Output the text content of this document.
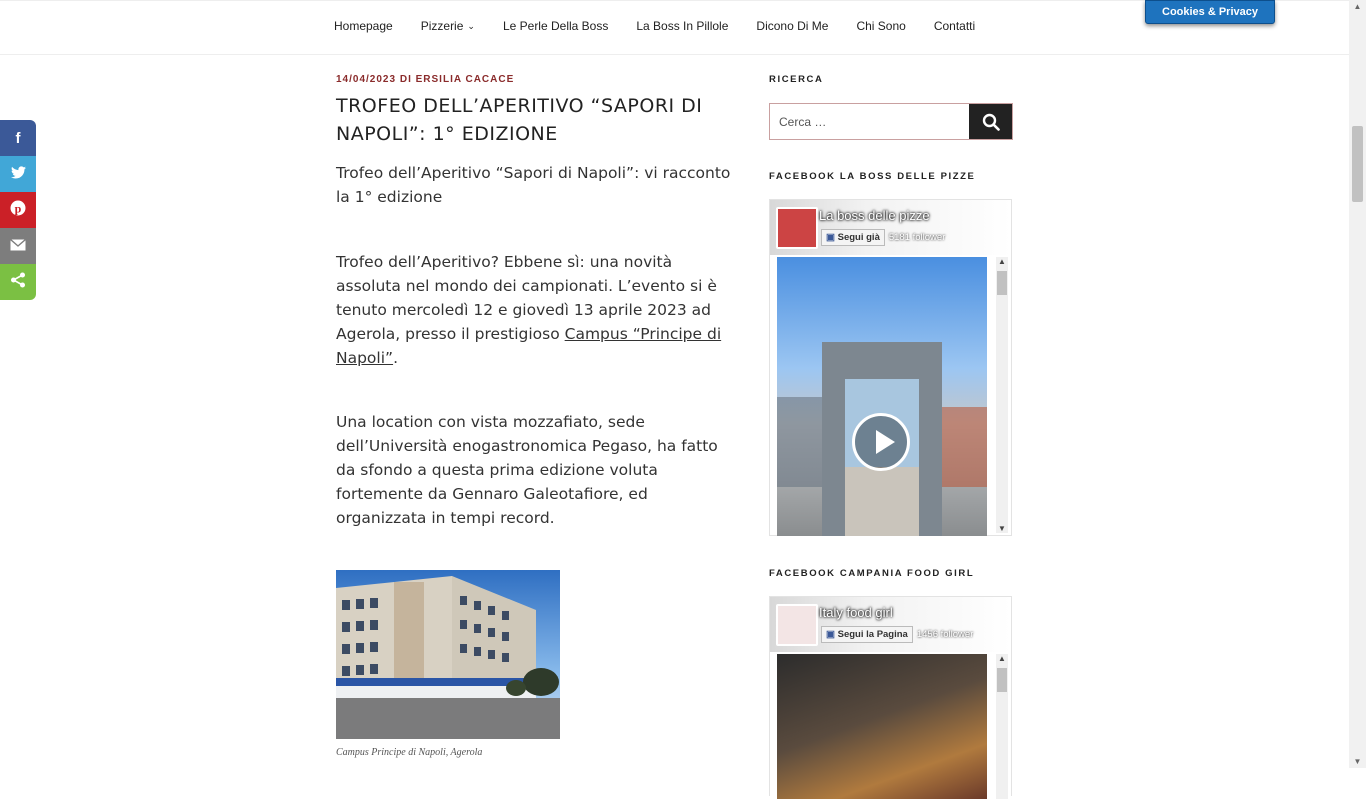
Homepage Pizzerie ⌄ Le Perle Della Boss La Boss In Pillole Dicono Di Me Chi Sono Contatti
Cookies & Privacy Policy
f
p
14/04/2023 DI ERSILIA CACACE
TROFEO DELL’APERITIVO “SAPORI DI NAPOLI”: 1° EDIZIONE

Trofeo dell’Aperitivo “Sapori di Napoli”: vi racconto la 1° edizione

Trofeo dell’Aperitivo? Ebbene sì: una novità assoluta nel mondo dei campionati. L’evento si è tenuto mercoledì 12 e giovedì 13 aprile 2023 ad Agerola, presso il prestigioso Campus “Principe di Napoli”.

Una location con vista mozzafiato, sede dell’Università enogastronomica Pegaso, ha fatto da sfondo a questa prima edizione voluta fortemente da Gennaro Galeotafiore, ed organizzata in tempi record.

Campus Principe di Napoli, Agerola
RICERCA
Cerca …
FACEBOOK LA BOSS DELLE PIZZE
La boss delle pizze
▣ Segui già 5181 follower
▲
▼
FACEBOOK CAMPANIA FOOD GIRL
Italy food girl
▣ Segui la Pagina 1456 follower
▲
▲
▼
